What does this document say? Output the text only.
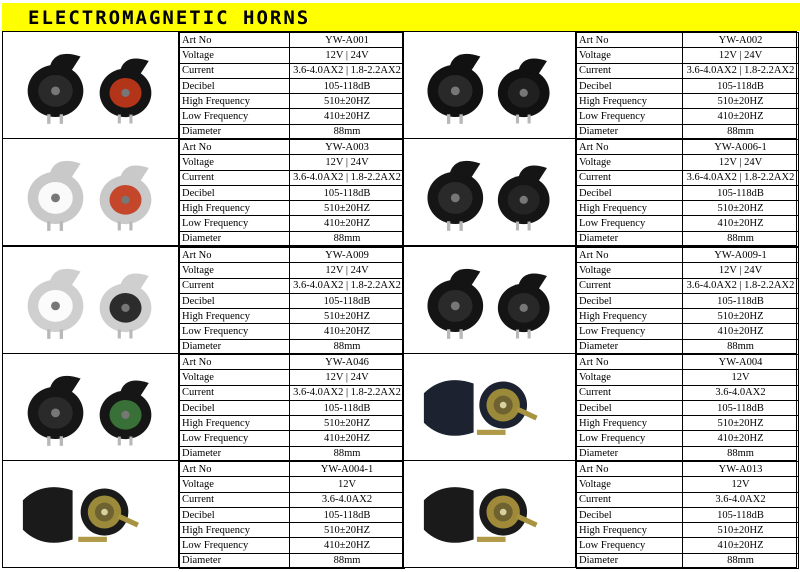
ELECTROMAGNETIC HORNS
Art No	YW-A001
Voltage	12V | 24V
Current	3.6-4.0AX2 | 1.8-2.2AX2
Decibel	105-118dB
High Frequency	510±20HZ
Low Frequency	410±20HZ
Diameter	88mm
Art No	YW-A002
Voltage	12V | 24V
Current	3.6-4.0AX2 | 1.8-2.2AX2
Decibel	105-118dB
High Frequency	510±20HZ
Low Frequency	410±20HZ
Diameter	88mm
Art No	YW-A003
Voltage	12V | 24V
Current	3.6-4.0AX2 | 1.8-2.2AX2
Decibel	105-118dB
High Frequency	510±20HZ
Low Frequency	410±20HZ
Diameter	88mm
Art No	YW-A006-1
Voltage	12V | 24V
Current	3.6-4.0AX2 | 1.8-2.2AX2
Decibel	105-118dB
High Frequency	510±20HZ
Low Frequency	410±20HZ
Diameter	88mm
Art No	YW-A009
Voltage	12V | 24V
Current	3.6-4.0AX2 | 1.8-2.2AX2
Decibel	105-118dB
High Frequency	510±20HZ
Low Frequency	410±20HZ
Diameter	88mm
Art No	YW-A009-1
Voltage	12V | 24V
Current	3.6-4.0AX2 | 1.8-2.2AX2
Decibel	105-118dB
High Frequency	510±20HZ
Low Frequency	410±20HZ
Diameter	88mm
Art No	YW-A046
Voltage	12V | 24V
Current	3.6-4.0AX2 | 1.8-2.2AX2
Decibel	105-118dB
High Frequency	510±20HZ
Low Frequency	410±20HZ
Diameter	88mm
Art No	YW-A004
Voltage	12V
Current	3.6-4.0AX2
Decibel	105-118dB
High Frequency	510±20HZ
Low Frequency	410±20HZ
Diameter	88mm
Art No	YW-A004-1
Voltage	12V
Current	3.6-4.0AX2
Decibel	105-118dB
High Frequency	510±20HZ
Low Frequency	410±20HZ
Diameter	88mm
Art No	YW-A013
Voltage	12V
Current	3.6-4.0AX2
Decibel	105-118dB
High Frequency	510±20HZ
Low Frequency	410±20HZ
Diameter	88mm
